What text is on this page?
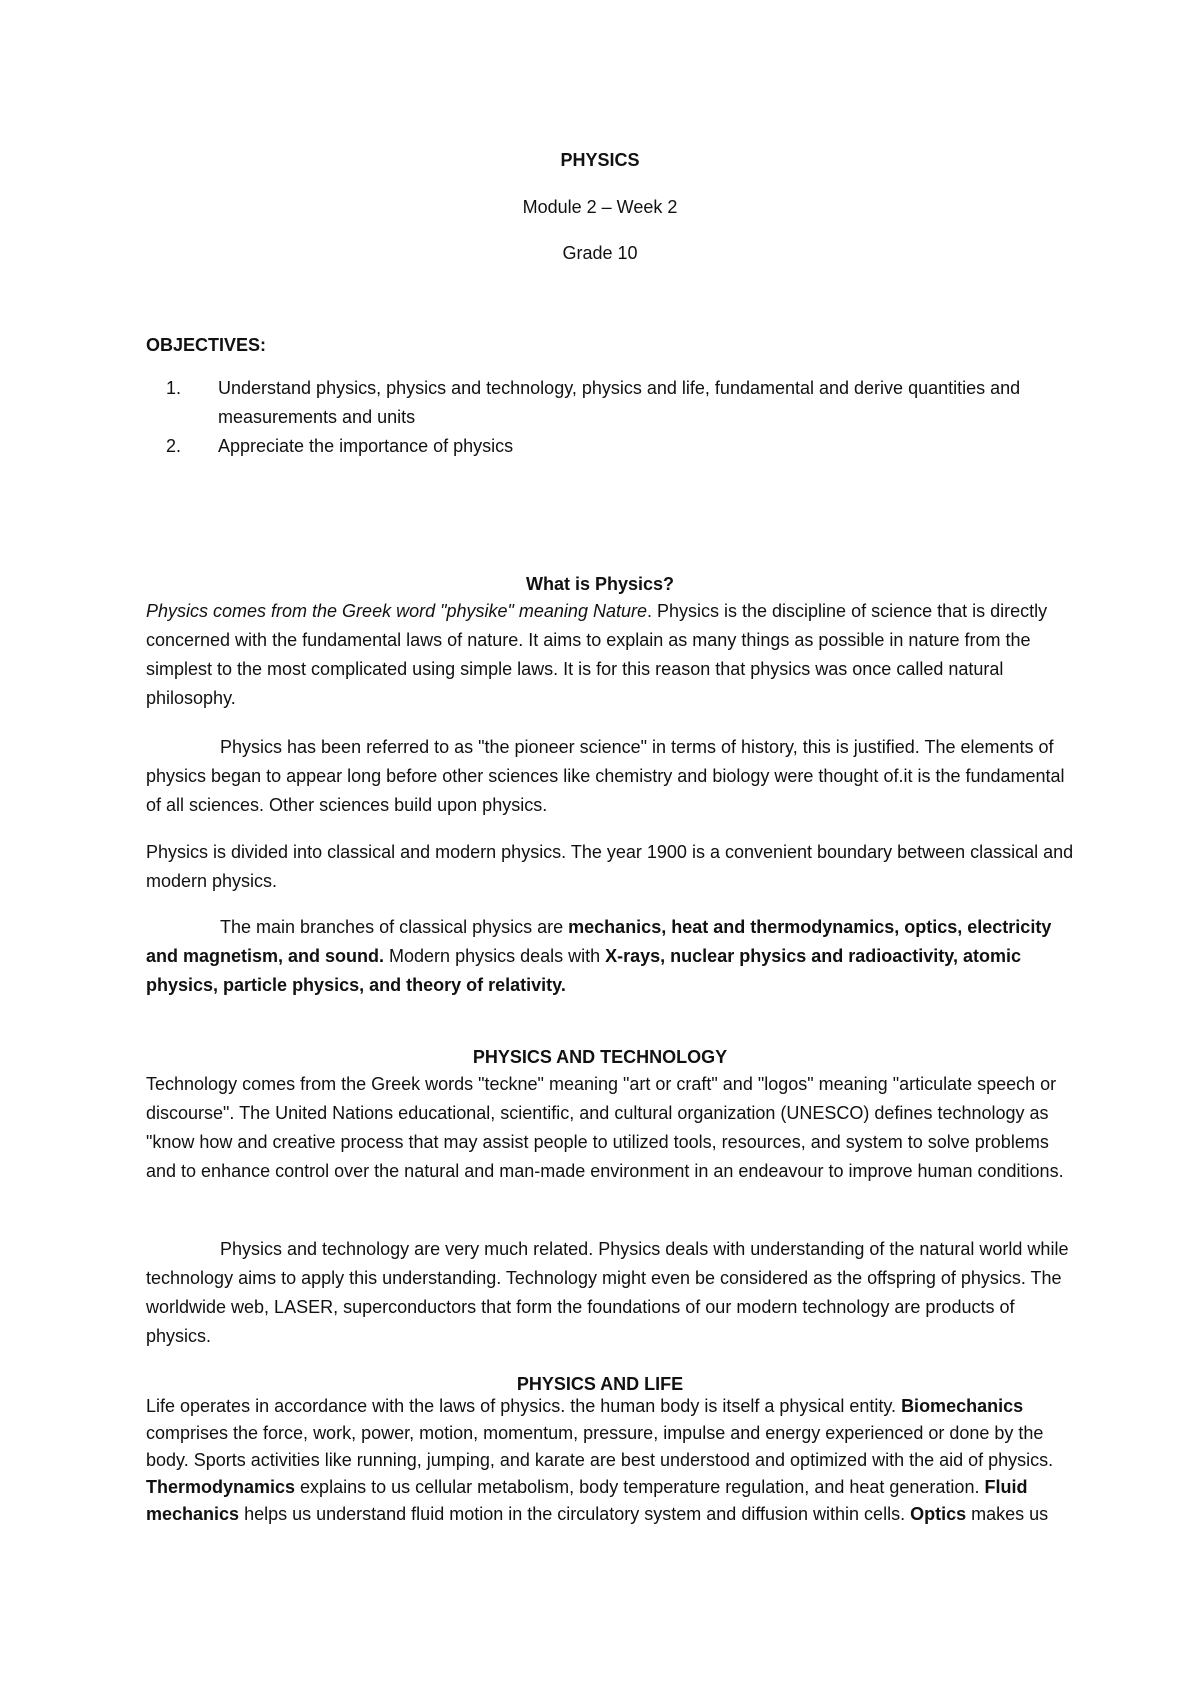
PHYSICS
Module 2 – Week 2
Grade 10
OBJECTIVES:
1. Understand physics, physics and technology, physics and life, fundamental and derive quantities and measurements and units
2. Appreciate the importance of physics
What is Physics?

Physics comes from the Greek word "physike" meaning Nature. Physics is the discipline of science that is directly concerned with the fundamental laws of nature. It aims to explain as many things as possible in nature from the simplest to the most complicated using simple laws. It is for this reason that physics was once called natural philosophy.

Physics has been referred to as "the pioneer science" in terms of history, this is justified. The elements of physics began to appear long before other sciences like chemistry and biology were thought of.it is the fundamental of all sciences. Other sciences build upon physics.

Physics is divided into classical and modern physics. The year 1900 is a convenient boundary between classical and modern physics.

The main branches of classical physics are mechanics, heat and thermodynamics, optics, electricity and magnetism, and sound. Modern physics deals with X-rays, nuclear physics and radioactivity, atomic physics, particle physics, and theory of relativity.

PHYSICS AND TECHNOLOGY

Technology comes from the Greek words "teckne" meaning "art or craft" and "logos" meaning "articulate speech or discourse". The United Nations educational, scientific, and cultural organization (UNESCO) defines technology as "know how and creative process that may assist people to utilized tools, resources, and system to solve problems and to enhance control over the natural and man-made environment in an endeavour to improve human conditions.

Physics and technology are very much related. Physics deals with understanding of the natural world while technology aims to apply this understanding. Technology might even be considered as the offspring of physics. The worldwide web, LASER, superconductors that form the foundations of our modern technology are products of physics.

PHYSICS AND LIFE

Life operates in accordance with the laws of physics. the human body is itself a physical entity. Biomechanics comprises the force, work, power, motion, momentum, pressure, impulse and energy experienced or done by the body. Sports activities like running, jumping, and karate are best understood and optimized with the aid of physics. Thermodynamics explains to us cellular metabolism, body temperature regulation, and heat generation. Fluid mechanics helps us understand fluid motion in the circulatory system and diffusion within cells. Optics makes us
